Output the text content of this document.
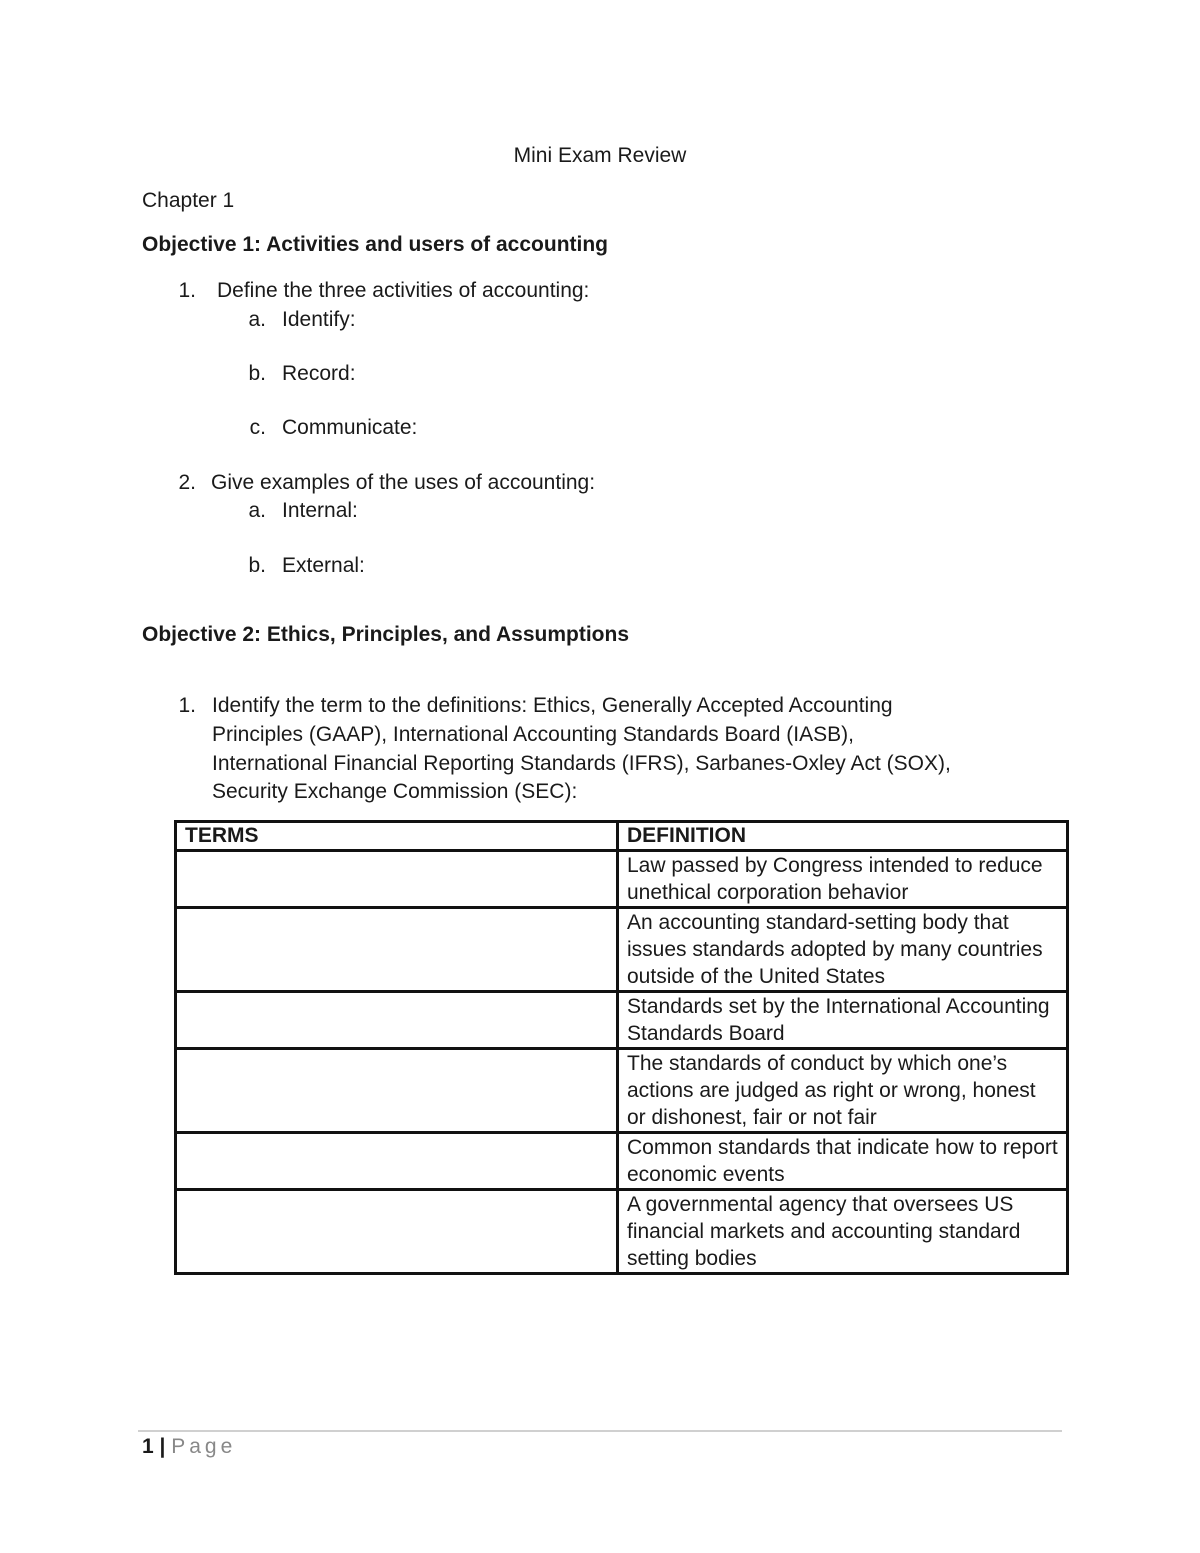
Mini Exam Review
Chapter 1
Objective 1: Activities and users of accounting
1. Define the three activities of accounting:
a. Identify:
b. Record:
c. Communicate:
2. Give examples of the uses of accounting:
a. Internal:
b. External:
Objective 2: Ethics, Principles, and Assumptions
1. Identify the term to the definitions: Ethics, Generally Accepted Accounting
Principles (GAAP), International Accounting Standards Board (IASB),
International Financial Reporting Standards (IFRS), Sarbanes-Oxley Act (SOX),
Security Exchange Commission (SEC):
TERMS	DEFINITION
	Law passed by Congress intended to reduce unethical corporation behavior
	An accounting standard-setting body that issues standards adopted by many countries outside of the United States
	Standards set by the International Accounting Standards Board
	The standards of conduct by which one’s actions are judged as right or wrong, honest or dishonest, fair or not fair
	Common standards that indicate how to report economic events
	A governmental agency that oversees US financial markets and accounting standard setting bodies
1 | Page
